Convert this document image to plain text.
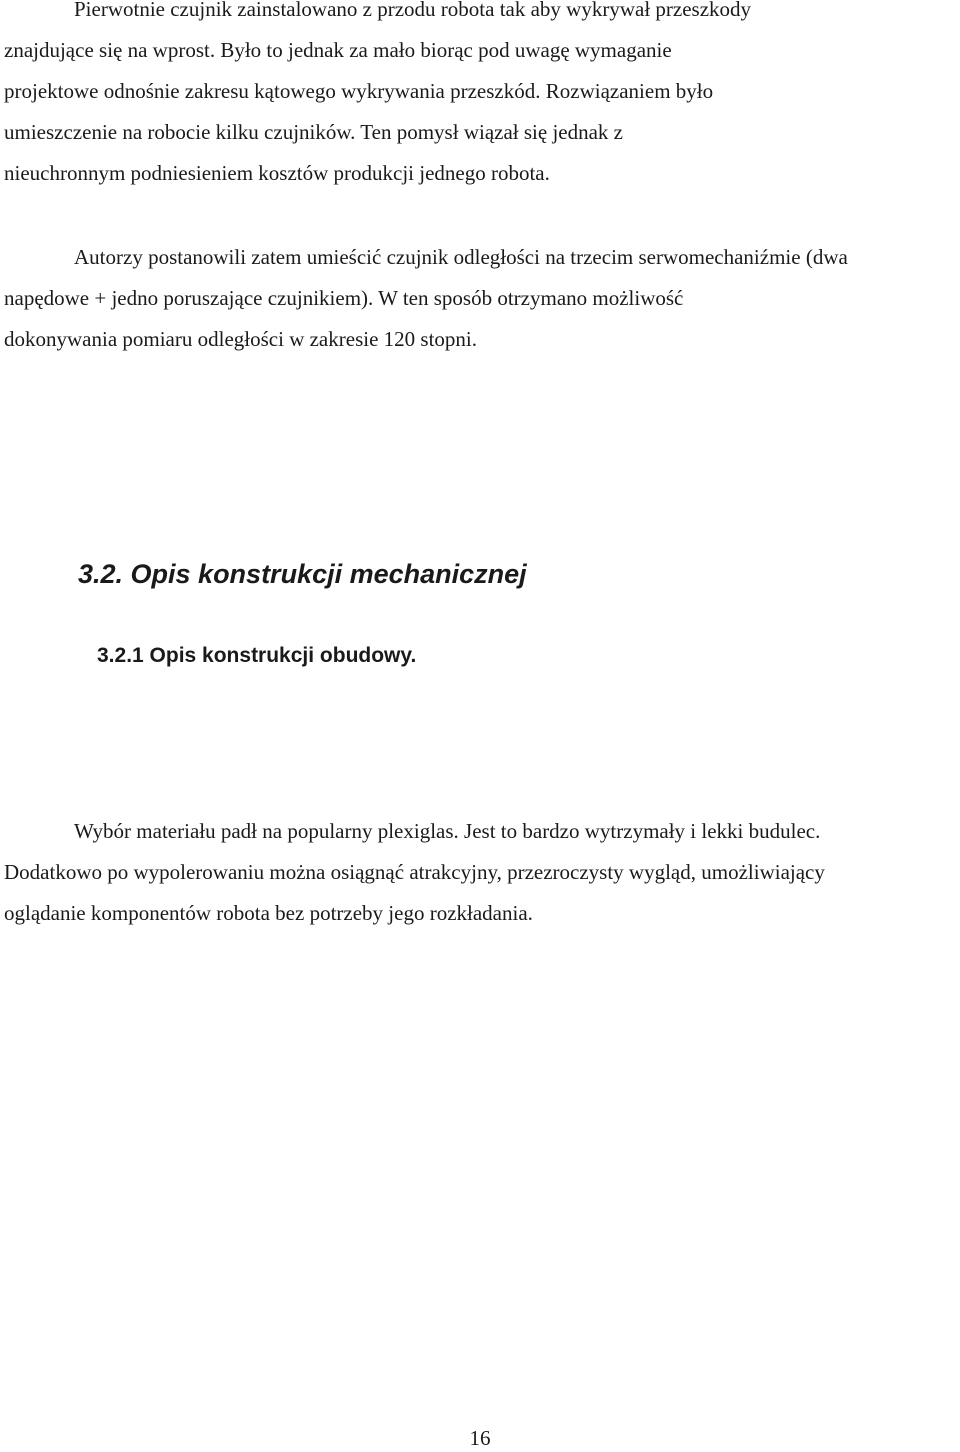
Pierwotnie czujnik zainstalowano z przodu robota tak aby wykrywał przeszkody
znajdujące się na wprost. Było to jednak za mało biorąc pod uwagę wymaganie
projektowe odnośnie zakresu kątowego wykrywania przeszkód. Rozwiązaniem było
umieszczenie na robocie kilku czujników. Ten pomysł wiązał się jednak z
nieuchronnym podniesieniem kosztów produkcji jednego robota.

Autorzy postanowili zatem umieścić czujnik odległości na trzecim serwomechaniźmie (dwa
napędowe + jedno poruszające czujnikiem). W ten sposób otrzymano możliwość
dokonywania pomiaru odległości w zakresie 120 stopni.

3.2. Opis konstrukcji mechanicznej
3.2.1 Opis konstrukcji obudowy.

Wybór materiału padł na popularny plexiglas. Jest to bardzo wytrzymały i lekki budulec.
Dodatkowo po wypolerowaniu można osiągnąć atrakcyjny, przezroczysty wygląd, umożliwiający
oglądanie komponentów robota bez potrzeby jego rozkładania.

16
